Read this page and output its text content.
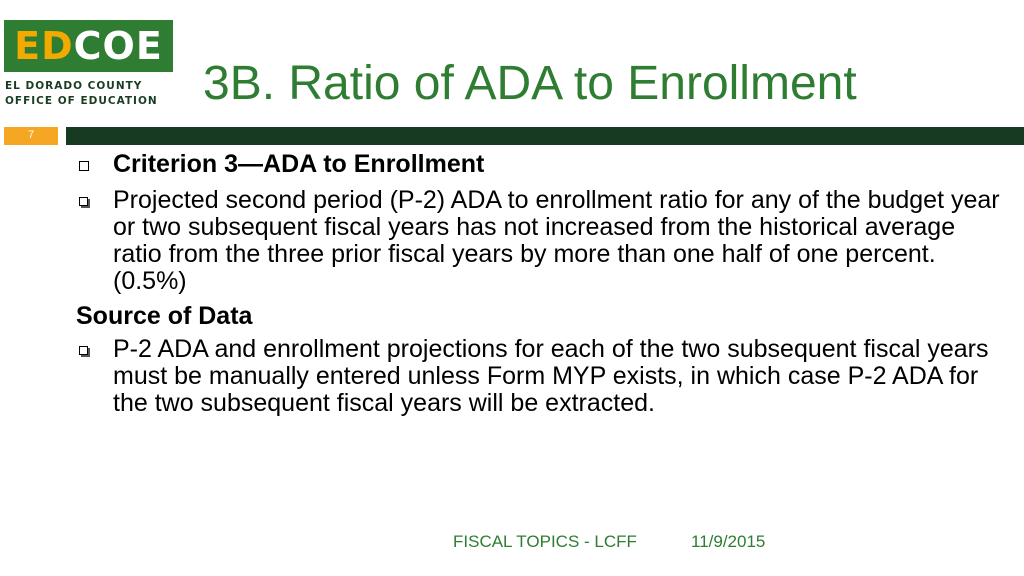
ED COE
EL DORADO COUNTY
OFFICE OF EDUCATION 3B. Ratio of ADA to Enrollment
7
Criterion 3—ADA to Enrollment
Projected second period (P-2) ADA to enrollment ratio for any of the budget year or two subsequent fiscal years has not increased from the historical average ratio from the three prior fiscal years by more than one half of one percent. (0.5%)
Source of Data
P-2 ADA and enrollment projections for each of the two subsequent fiscal years must be manually entered unless Form MYP exists, in which case P-2 ADA for the two subsequent fiscal years will be extracted.
FISCAL TOPICS - LCFF	11/9/2015
